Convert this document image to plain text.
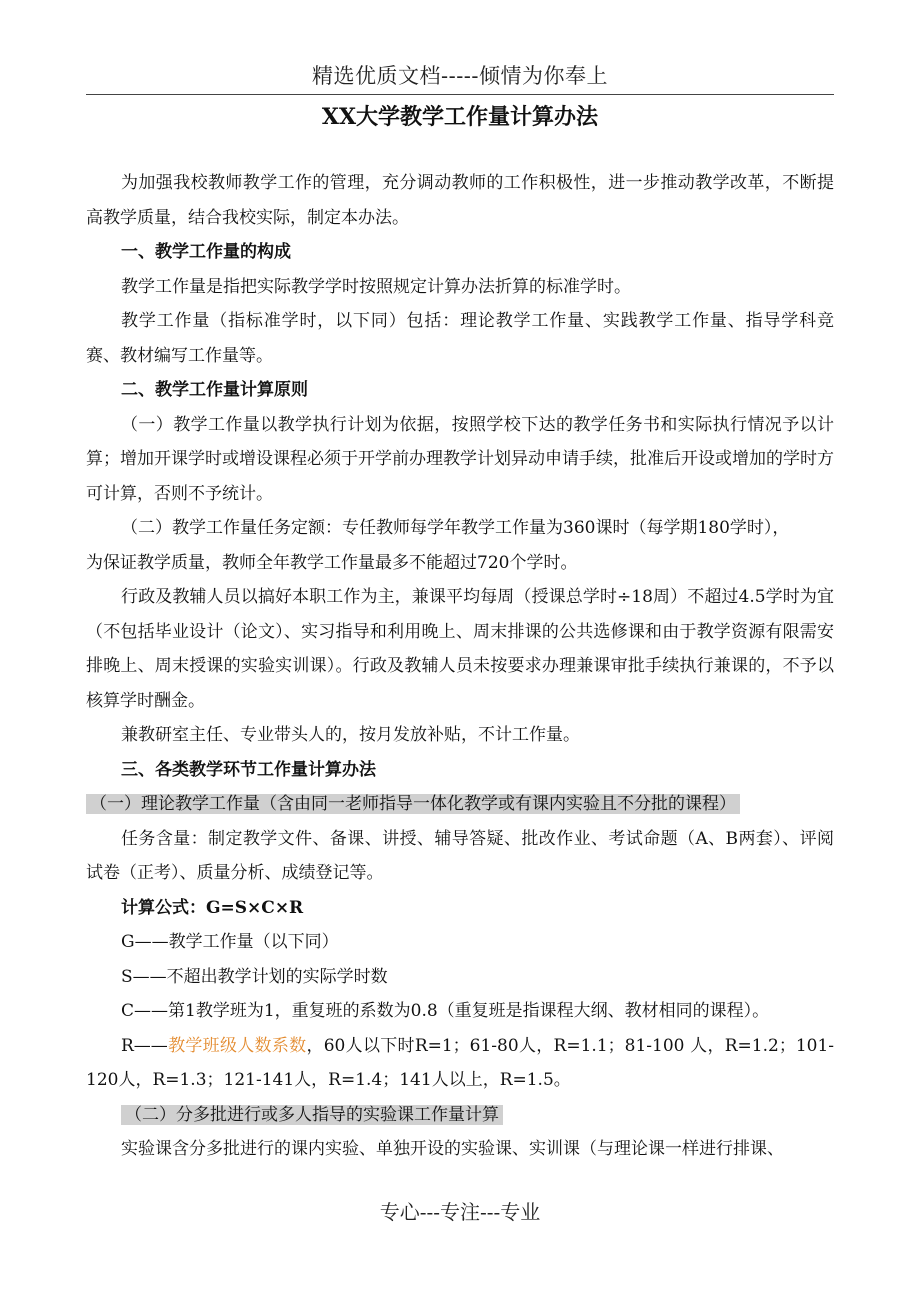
精选优质文档-----倾情为你奉上
XX大学教学工作量计算办法

为加强我校教师教学工作的管理，充分调动教师的工作积极性，进一步推动教学改革，不断提高教学质量，结合我校实际，制定本办法。

一、教学工作量的构成

教学工作量是指把实际教学学时按照规定计算办法折算的标准学时。

教学工作量（指标准学时，以下同）包括：理论教学工作量、实践教学工作量、指导学科竞赛、教材编写工作量等。

二、教学工作量计算原则

（一）教学工作量以教学执行计划为依据，按照学校下达的教学任务书和实际执行情况予以计算；增加开课学时或增设课程必须于开学前办理教学计划异动申请手续，批准后开设或增加的学时方可计算，否则不予统计。

（二）教学工作量任务定额：专任教师每学年教学工作量为360课时（每学期180学时），

为保证教学质量，教师全年教学工作量最多不能超过720个学时。

行政及教辅人员以搞好本职工作为主，兼课平均每周（授课总学时÷18周）不超过4.5学时为宜（不包括毕业设计（论文）、实习指导和利用晚上、周末排课的公共选修课和由于教学资源有限需安排晚上、周末授课的实验实训课）。行政及教辅人员未按要求办理兼课审批手续执行兼课的，不予以核算学时酬金。

兼教研室主任、专业带头人的，按月发放补贴，不计工作量。

三、各类教学环节工作量计算办法

（一）理论教学工作量（含由同一老师指导一体化教学或有课内实验且不分批的课程）

任务含量：制定教学文件、备课、讲授、辅导答疑、批改作业、考试命题（A、B两套）、评阅试卷（正考）、质量分析、成绩登记等。

计算公式：G=S×C×R

G——教学工作量（以下同）

S——不超出教学计划的实际学时数

C——第1教学班为1，重复班的系数为0.8（重复班是指课程大纲、教材相同的课程）。

R——教学班级人数系数，60人以下时R=1；61-80人，R=1.1；81-100 人，R=1.2；101-120人，R=1.3；121-141人，R=1.4；141人以上，R=1.5。

（二）分多批进行或多人指导的实验课工作量计算

实验课含分多批进行的课内实验、单独开设的实验课、实训课（与理论课一样进行排课、

专心---专注---专业
